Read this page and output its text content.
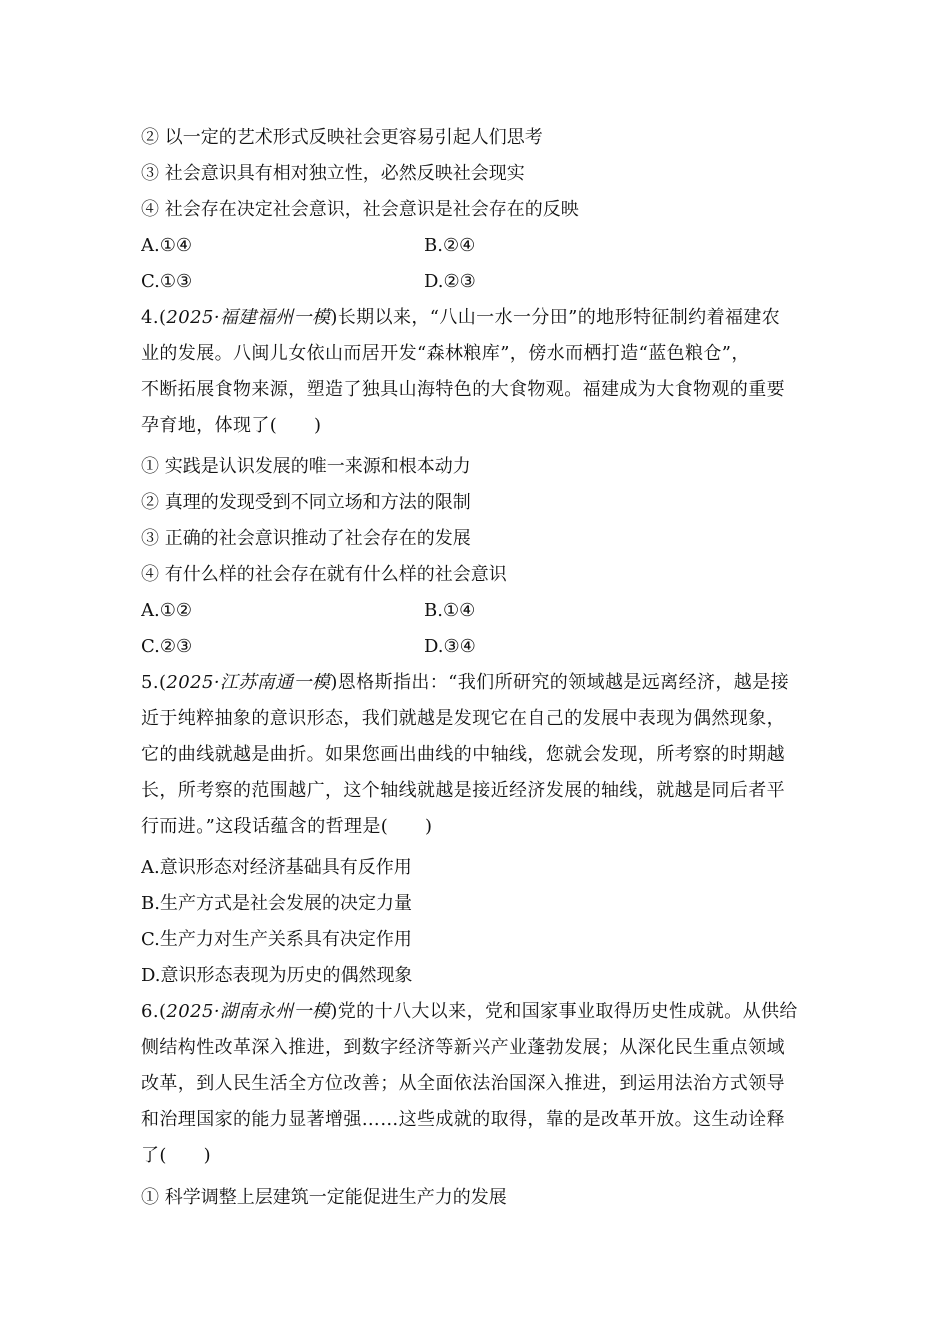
② 以一定的艺术形式反映社会更容易引起人们思考
③ 社会意识具有相对独立性，必然反映社会现实
④ 社会存在决定社会意识，社会意识是社会存在的反映
A.①④	B.②④
C.①③	D.②③
4.(2025·福建福州一模)长期以来，“八山一水一分田”的地形特征制约着福建农
业的发展。八闽儿女依山而居开发“森林粮库”，傍水而栖打造“蓝色粮仓”，
不断拓展食物来源，塑造了独具山海特色的大食物观。福建成为大食物观的重要
孕育地，体现了(　　)
① 实践是认识发展的唯一来源和根本动力
② 真理的发现受到不同立场和方法的限制
③ 正确的社会意识推动了社会存在的发展
④ 有什么样的社会存在就有什么样的社会意识
A.①②	B.①④
C.②③	D.③④
5.(2025·江苏南通一模)恩格斯指出：“我们所研究的领域越是远离经济，越是接
近于纯粹抽象的意识形态，我们就越是发现它在自己的发展中表现为偶然现象，
它的曲线就越是曲折。如果您画出曲线的中轴线，您就会发现，所考察的时期越
长，所考察的范围越广，这个轴线就越是接近经济发展的轴线，就越是同后者平
行而进。”这段话蕴含的哲理是(　　)
A.意识形态对经济基础具有反作用
B.生产方式是社会发展的决定力量
C.生产力对生产关系具有决定作用
D.意识形态表现为历史的偶然现象
6.(2025·湖南永州一模)党的十八大以来，党和国家事业取得历史性成就。从供给
侧结构性改革深入推进，到数字经济等新兴产业蓬勃发展；从深化民生重点领域
改革，到人民生活全方位改善；从全面依法治国深入推进，到运用法治方式领导
和治理国家的能力显著增强……这些成就的取得，靠的是改革开放。这生动诠释
了(　　)
① 科学调整上层建筑一定能促进生产力的发展
